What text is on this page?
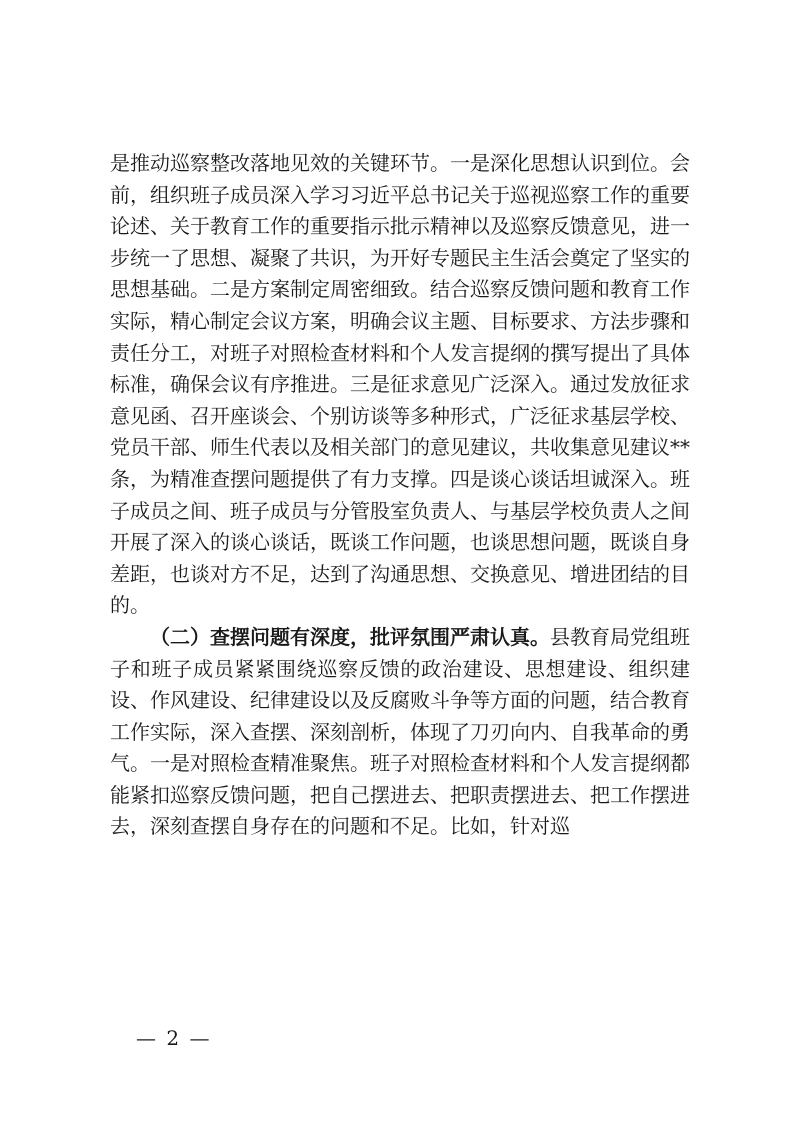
是推动巡察整改落地见效的关键环节。一是深化思想认识到位。会前，组织班子成员深入学习习近平总书记关于巡视巡察工作的重要论述、关于教育工作的重要指示批示精神以及巡察反馈意见，进一步统一了思想、凝聚了共识，为开好专题民主生活会奠定了坚实的思想基础。二是方案制定周密细致。结合巡察反馈问题和教育工作实际，精心制定会议方案，明确会议主题、目标要求、方法步骤和责任分工，对班子对照检查材料和个人发言提纲的撰写提出了具体标准，确保会议有序推进。三是征求意见广泛深入。通过发放征求意见函、召开座谈会、个别访谈等多种形式，广泛征求基层学校、党员干部、师生代表以及相关部门的意见建议，共收集意见建议**条，为精准查摆问题提供了有力支撑。四是谈心谈话坦诚深入。班子成员之间、班子成员与分管股室负责人、与基层学校负责人之间开展了深入的谈心谈话，既谈工作问题，也谈思想问题，既谈自身差距，也谈对方不足，达到了沟通思想、交换意见、增进团结的目的。

（二）查摆问题有深度，批评氛围严肃认真。县教育局党组班子和班子成员紧紧围绕巡察反馈的政治建设、思想建设、组织建设、作风建设、纪律建设以及反腐败斗争等方面的问题，结合教育工作实际，深入查摆、深刻剖析，体现了刀刃向内、自我革命的勇气。一是对照检查精准聚焦。班子对照检查材料和个人发言提纲都能紧扣巡察反馈问题，把自己摆进去、把职责摆进去、把工作摆进去，深刻查摆自身存在的问题和不足。比如，针对巡

— 2 —
